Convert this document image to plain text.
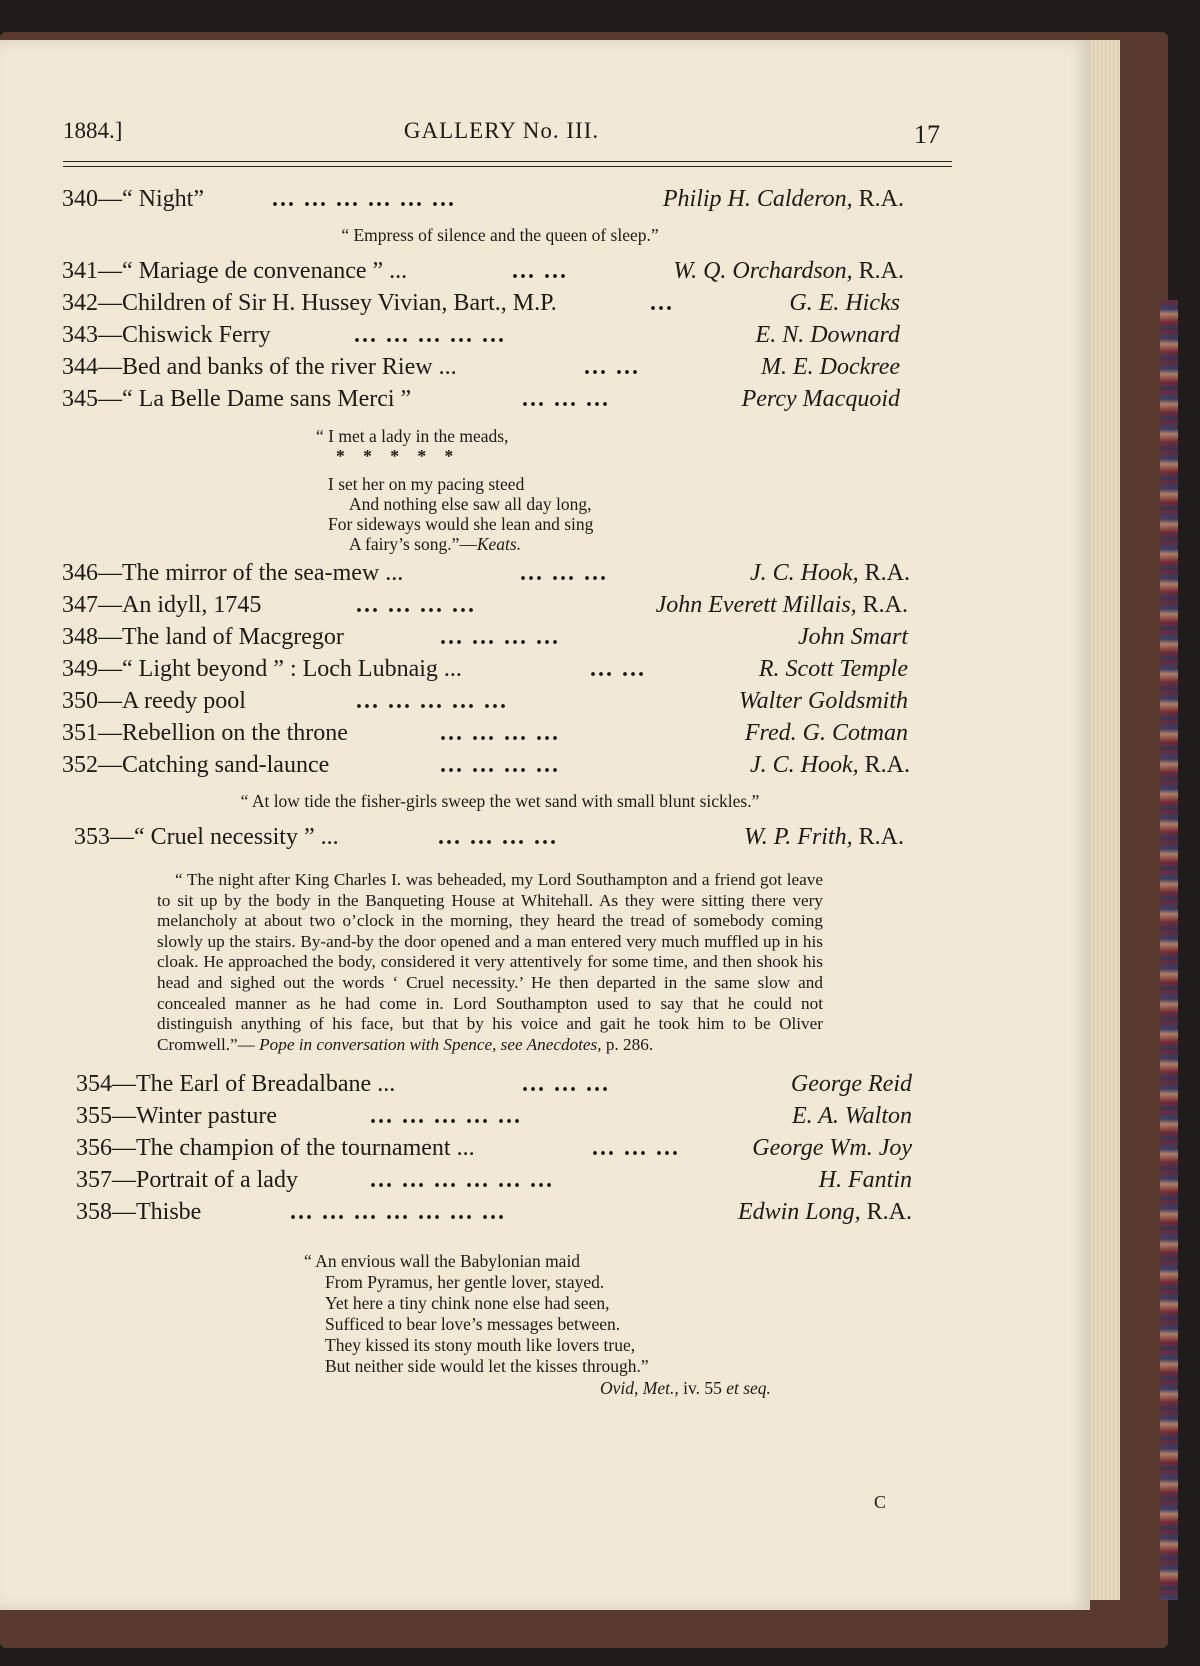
1884.]	GALLERY No. III.	17
340—“ Night”	... ... ... ... ... ...	Philip H. Calderon, R.A.
“ Empress of silence and the queen of sleep.”
341—“ Mariage de convenance ” ...	... ...	W. Q. Orchardson, R.A.
342—Children of Sir H. Hussey Vivian, Bart., M.P.	...	G. E. Hicks
343—Chiswick Ferry	... ... ... ... ...	E. N. Downard
344—Bed and banks of the river Riew ...	... ...	M. E. Dockree
345—“ La Belle Dame sans Merci ”	... ... ...	Percy Macquoid
“ I met a lady in the meads,
* * * * *
I set her on my pacing steed
And nothing else saw all day long,
For sideways would she lean and sing
A fairy’s song.”—Keats.
346—The mirror of the sea-mew ...	... ... ...	J. C. Hook, R.A.
347—An idyll, 1745	... ... ... ...	John Everett Millais, R.A.
348—The land of Macgregor	... ... ... ...	John Smart
349—“ Light beyond ” : Loch Lubnaig ...	... ...	R. Scott Temple
350—A reedy pool	... ... ... ... ...	Walter Goldsmith
351—Rebellion on the throne	... ... ... ...	Fred. G. Cotman
352—Catching sand-launce	... ... ... ...	J. C. Hook, R.A.
“ At low tide the fisher-girls sweep the wet sand with small blunt sickles.”
353—“ Cruel necessity ” ...	... ... ... ...	W. P. Frith, R.A.
“ The night after King Charles I. was beheaded, my Lord Southampton and a friend got leave to sit up by the body in the Banqueting House at Whitehall. As they were sitting there very melancholy at about two o’clock in the morning, they heard the tread of somebody coming slowly up the stairs. By-and-by the door opened and a man entered very much muffled up in his cloak. He approached the body, considered it very attentively for some time, and then shook his head and sighed out the words ‘ Cruel necessity.’ He then departed in the same slow and concealed manner as he had come in. Lord Southampton used to say that he could not distinguish anything of his face, but that by his voice and gait he took him to be Oliver Cromwell.”— Pope in conversation with Spence, see Anecdotes, p. 286.
354—The Earl of Breadalbane ...	... ... ...	George Reid
355—Winter pasture	... ... ... ... ...	E. A. Walton
356—The champion of the tournament ...	... ... ...	George Wm. Joy
357—Portrait of a lady	... ... ... ... ... ...	H. Fantin
358—Thisbe	... ... ... ... ... ... ...	Edwin Long, R.A.
“ An envious wall the Babylonian maid
From Pyramus, her gentle lover, stayed.
Yet here a tiny chink none else had seen,
Sufficed to bear love’s messages between.
They kissed its stony mouth like lovers true,
But neither side would let the kisses through.”
Ovid, Met., iv. 55 et seq.
C
